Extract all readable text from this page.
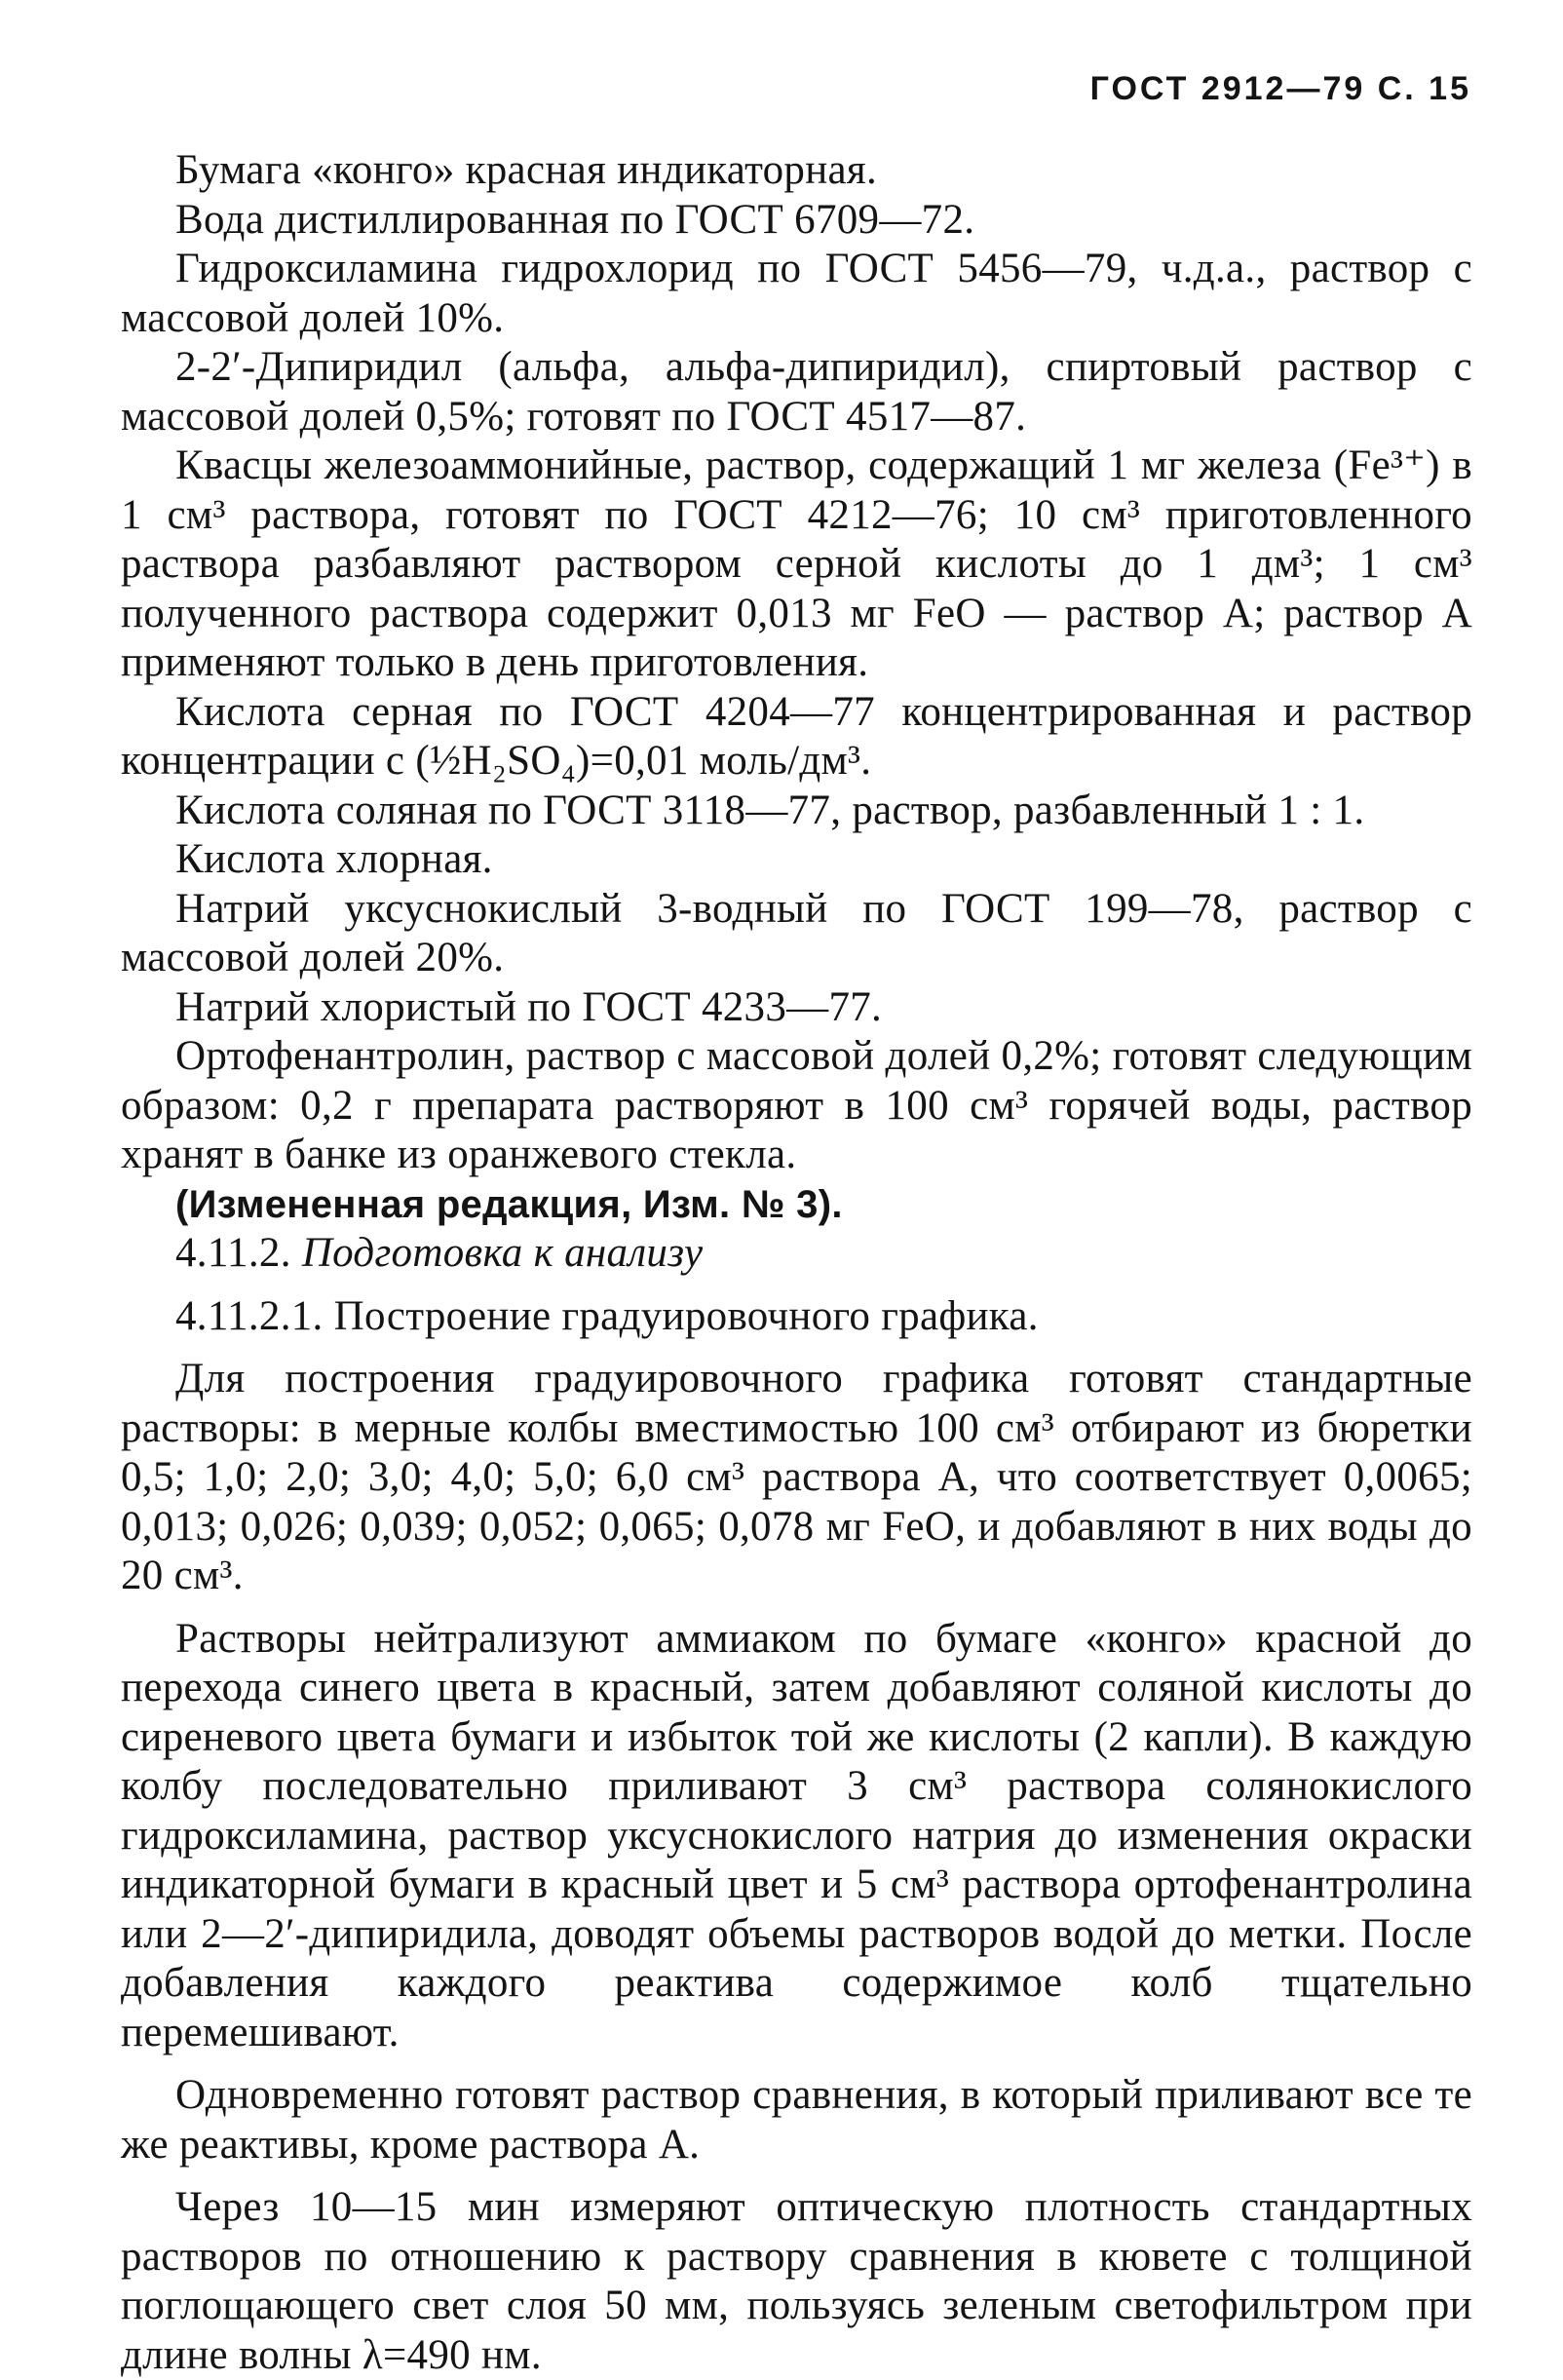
ГОСТ 2912—79 С. 15

Бумага «конго» красная индикаторная.

Вода дистиллированная по ГОСТ 6709—72.

Гидроксиламина гидрохлорид по ГОСТ 5456—79, ч.д.а., раствор с массовой долей 10%.

2-2′-Дипиридил (альфа, альфа-дипиридил), спиртовый раствор с массовой долей 0,5%; готовят по ГОСТ 4517—87.

Квасцы железоаммонийные, раствор, содержащий 1 мг железа (Fe³⁺) в 1 см³ раствора, готовят по ГОСТ 4212—76; 10 см³ приготовленного раствора разбавляют раствором серной кислоты до 1 дм³; 1 см³ полученного раствора содержит 0,013 мг FeO — раствор А; раствор А применяют только в день приготовления.

Кислота серная по ГОСТ 4204—77 концентрированная и раствор концентрации с (½H₂SO₄)=0,01 моль/дм³.

Кислота соляная по ГОСТ 3118—77, раствор, разбавленный 1 : 1.

Кислота хлорная.

Натрий уксуснокислый 3-водный по ГОСТ 199—78, раствор с массовой долей 20%.

Натрий хлористый по ГОСТ 4233—77.

Ортофенантролин, раствор с массовой долей 0,2%; готовят следующим образом: 0,2 г препарата растворяют в 100 см³ горячей воды, раствор хранят в банке из оранжевого стекла.

(Измененная редакция, Изм. № 3).

4.11.2. Подготовка к анализу

4.11.2.1. Построение градуировочного графика.

Для построения градуировочного графика готовят стандартные растворы: в мерные колбы вместимостью 100 см³ отбирают из бюретки 0,5; 1,0; 2,0; 3,0; 4,0; 5,0; 6,0 см³ раствора А, что соответствует 0,0065; 0,013; 0,026; 0,039; 0,052; 0,065; 0,078 мг FeO, и добавляют в них воды до 20 см³.

Растворы нейтрализуют аммиаком по бумаге «конго» красной до перехода синего цвета в красный, затем добавляют соляной кислоты до сиреневого цвета бумаги и избыток той же кислоты (2 капли). В каждую колбу последовательно приливают 3 см³ раствора солянокислого гидроксиламина, раствор уксуснокислого натрия до изменения окраски индикаторной бумаги в красный цвет и 5 см³ раствора ортофенантролина или 2—2′-дипиридила, доводят объемы растворов водой до метки. После добавления каждого реактива содержимое колб тщательно перемешивают.

Одновременно готовят раствор сравнения, в который приливают все те же реактивы, кроме раствора А.

Через 10—15 мин измеряют оптическую плотность стандартных растворов по отношению к раствору сравнения в кювете с толщиной поглощающего свет слоя 50 мм, пользуясь зеленым светофильтром при длине волны λ=490 нм.
